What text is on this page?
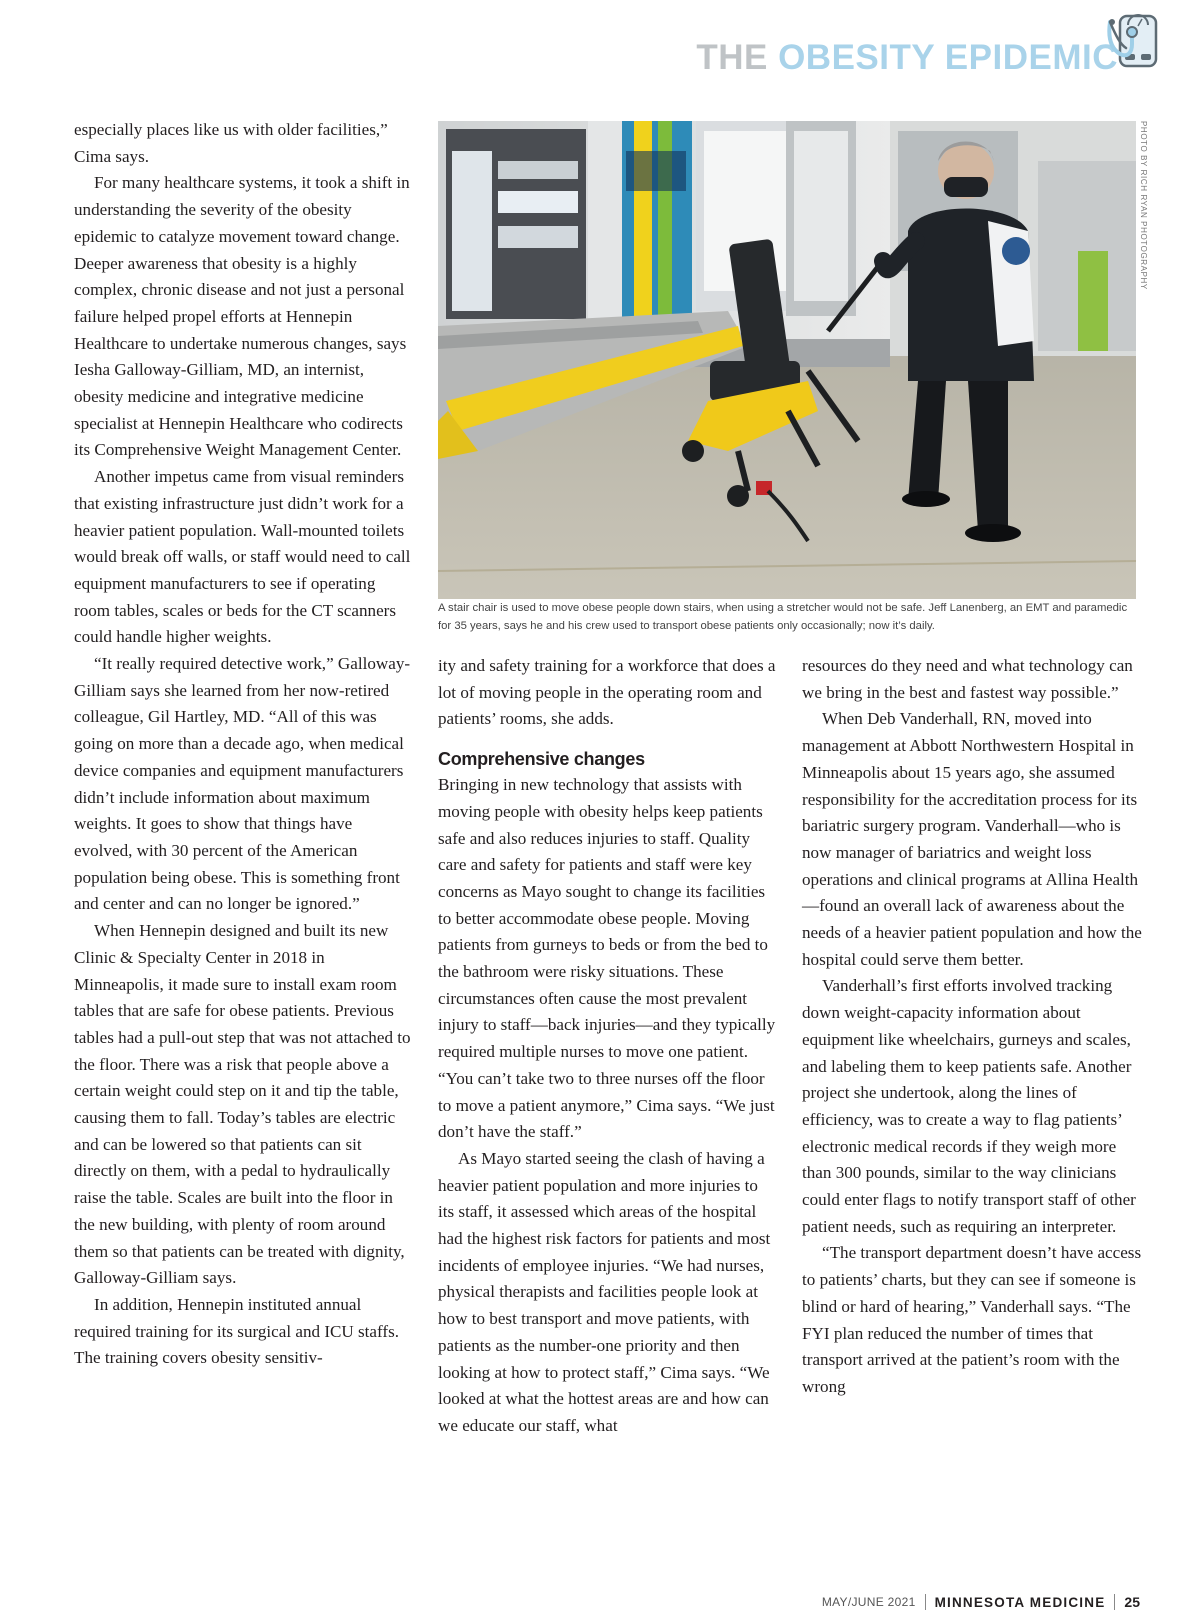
THE OBESITY EPIDEMIC

especially places like us with older facilities,” Cima says.

For many healthcare systems, it took a shift in understanding the severity of the obesity epidemic to catalyze movement toward change. Deeper awareness that obesity is a highly complex, chronic disease and not just a personal failure helped propel efforts at Hennepin Healthcare to undertake numerous changes, says Iesha Galloway-Gilliam, MD, an internist, obesity medicine and integrative medicine specialist at Hennepin Healthcare who codirects its Comprehensive Weight Management Center.

Another impetus came from visual reminders that existing infrastructure just didn’t work for a heavier patient population. Wall-mounted toilets would break off walls, or staff would need to call equipment manufacturers to see if operating room tables, scales or beds for the CT scanners could handle higher weights.

“It really required detective work,” Galloway-Gilliam says she learned from her now-retired colleague, Gil Hartley, MD. “All of this was going on more than a decade ago, when medical device companies and equipment manufacturers didn’t include information about maximum weights. It goes to show that things have evolved, with 30 percent of the American population being obese. This is something front and center and can no longer be ignored.”

When Hennepin designed and built its new Clinic & Specialty Center in 2018 in Minneapolis, it made sure to install exam room tables that are safe for obese patients. Previous tables had a pull-out step that was not attached to the floor. There was a risk that people above a certain weight could step on it and tip the table, causing them to fall. Today’s tables are electric and can be lowered so that patients can sit directly on them, with a pedal to hydraulically raise the table. Scales are built into the floor in the new building, with plenty of room around them so that patients can be treated with dignity, Galloway-Gilliam says.

In addition, Hennepin instituted annual required training for its surgical and ICU staffs. The training covers obesity sensitiv-

PHOTO BY RICH RYAN PHOTOGRAPHY
A stair chair is used to move obese people down stairs, when using a stretcher would not be safe. Jeff Lanenberg, an EMT and paramedic for 35 years, says he and his crew used to transport obese patients only occasionally; now it’s daily.

ity and safety training for a workforce that does a lot of moving people in the operating room and patients’ rooms, she adds.

Comprehensive changes

Bringing in new technology that assists with moving people with obesity helps keep patients safe and also reduces injuries to staff. Quality care and safety for patients and staff were key concerns as Mayo sought to change its facilities to better accommodate obese people. Moving patients from gurneys to beds or from the bed to the bathroom were risky situations. These circumstances often cause the most prevalent injury to staff—back injuries—and they typically required multiple nurses to move one patient. “You can’t take two to three nurses off the floor to move a patient anymore,” Cima says. “We just don’t have the staff.”

As Mayo started seeing the clash of having a heavier patient population and more injuries to its staff, it assessed which areas of the hospital had the highest risk factors for patients and most incidents of employee injuries. “We had nurses, physical therapists and facilities people look at how to best transport and move patients, with patients as the number-one priority and then looking at how to protect staff,” Cima says. “We looked at what the hottest areas are and how can we educate our staff, what

resources do they need and what technology can we bring in the best and fastest way possible.”

When Deb Vanderhall, RN, moved into management at Abbott Northwestern Hospital in Minneapolis about 15 years ago, she assumed responsibility for the accreditation process for its bariatric surgery program. Vanderhall—who is now manager of bariatrics and weight loss operations and clinical programs at Allina Health—found an overall lack of awareness about the needs of a heavier patient population and how the hospital could serve them better.

Vanderhall’s first efforts involved tracking down weight-capacity information about equipment like wheelchairs, gurneys and scales, and labeling them to keep patients safe. Another project she undertook, along the lines of efficiency, was to create a way to flag patients’ electronic medical records if they weigh more than 300 pounds, similar to the way clinicians could enter flags to notify transport staff of other patient needs, such as requiring an interpreter.

“The transport department doesn’t have access to patients’ charts, but they can see if someone is blind or hard of hearing,” Vanderhall says. “The FYI plan reduced the number of times that transport arrived at the patient’s room with the wrong

MAY/JUNE 2021 MINNESOTA MEDICINE 25
